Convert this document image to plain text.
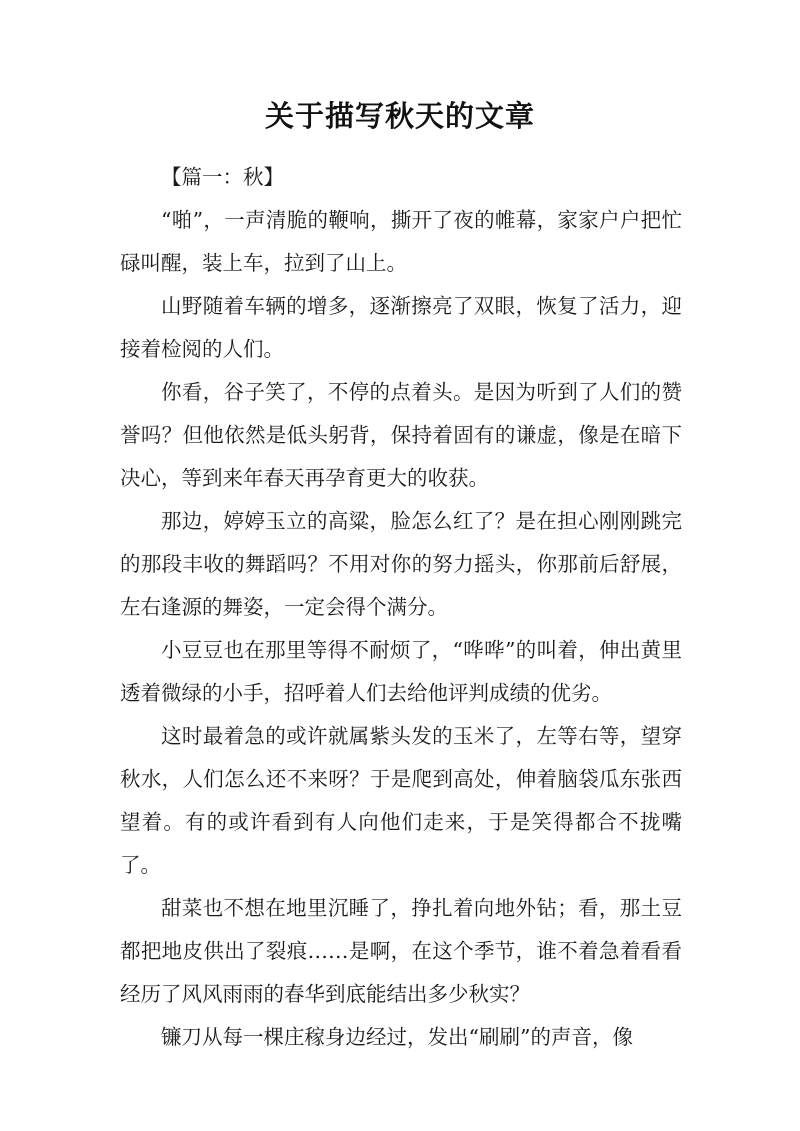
关于描写秋天的文章

【篇一：秋】

“啪”，一声清脆的鞭响，撕开了夜的帷幕，家家户户把忙碌叫醒，装上车，拉到了山上。

山野随着车辆的增多，逐渐擦亮了双眼，恢复了活力，迎接着检阅的人们。

你看，谷子笑了，不停的点着头。是因为听到了人们的赞誉吗？但他依然是低头躬背，保持着固有的谦虚，像是在暗下决心，等到来年春天再孕育更大的收获。

那边，婷婷玉立的高粱，脸怎么红了？是在担心刚刚跳完的那段丰收的舞蹈吗？不用对你的努力摇头，你那前后舒展，左右逢源的舞姿，一定会得个满分。

小豆豆也在那里等得不耐烦了，“哗哗”的叫着，伸出黄里透着微绿的小手，招呼着人们去给他评判成绩的优劣。

这时最着急的或许就属紫头发的玉米了，左等右等，望穿秋水，人们怎么还不来呀？于是爬到高处，伸着脑袋瓜东张西望着。有的或许看到有人向他们走来，于是笑得都合不拢嘴了。

甜菜也不想在地里沉睡了，挣扎着向地外钻；看，那土豆都把地皮供出了裂痕……是啊，在这个季节，谁不着急着看看经历了风风雨雨的春华到底能结出多少秋实？

镰刀从每一棵庄稼身边经过，发出“刷刷”的声音，像
